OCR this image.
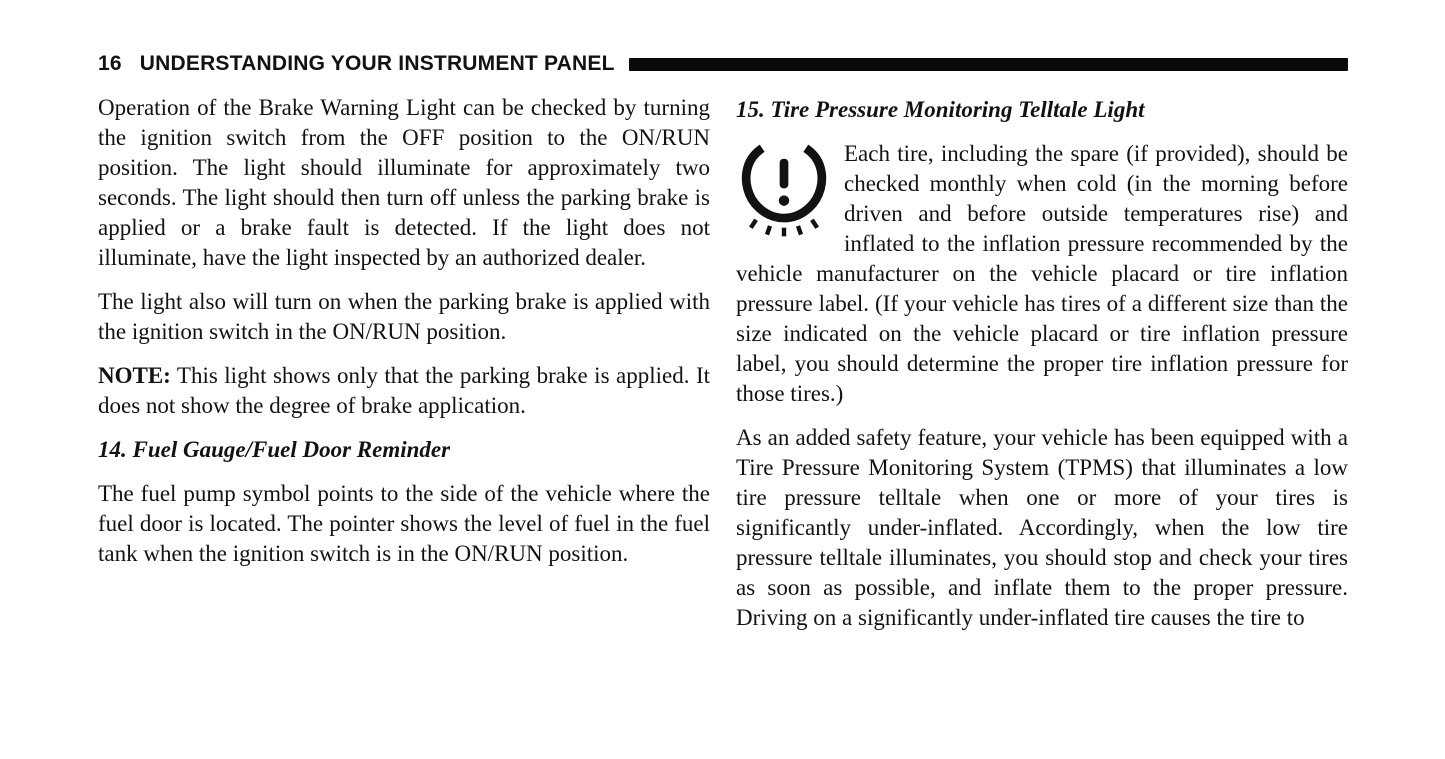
16 UNDERSTANDING YOUR INSTRUMENT PANEL

Operation of the Brake Warning Light can be checked by turning the ignition switch from the OFF position to the ON/RUN position. The light should illuminate for approximately two seconds. The light should then turn off unless the parking brake is applied or a brake fault is detected. If the light does not illuminate, have the light inspected by an authorized dealer.

The light also will turn on when the parking brake is applied with the ignition switch in the ON/RUN position.

NOTE: This light shows only that the parking brake is applied. It does not show the degree of brake application.

14. Fuel Gauge/Fuel Door Reminder

The fuel pump symbol points to the side of the vehicle where the fuel door is located. The pointer shows the level of fuel in the fuel tank when the ignition switch is in the ON/RUN position.

15. Tire Pressure Monitoring Telltale Light

Each tire, including the spare (if provided), should be checked monthly when cold (in the morning before driven and before outside temperatures rise) and inflated to the inflation pressure recommended by the vehicle manufacturer on the vehicle placard or tire inflation pressure label. (If your vehicle has tires of a different size than the size indicated on the vehicle placard or tire inflation pressure label, you should determine the proper tire inflation pressure for those tires.)

As an added safety feature, your vehicle has been equipped with a Tire Pressure Monitoring System (TPMS) that illuminates a low tire pressure telltale when one or more of your tires is significantly under-inflated. Accordingly, when the low tire pressure telltale illuminates, you should stop and check your tires as soon as possible, and inflate them to the proper pressure. Driving on a significantly under-inflated tire causes the tire to
